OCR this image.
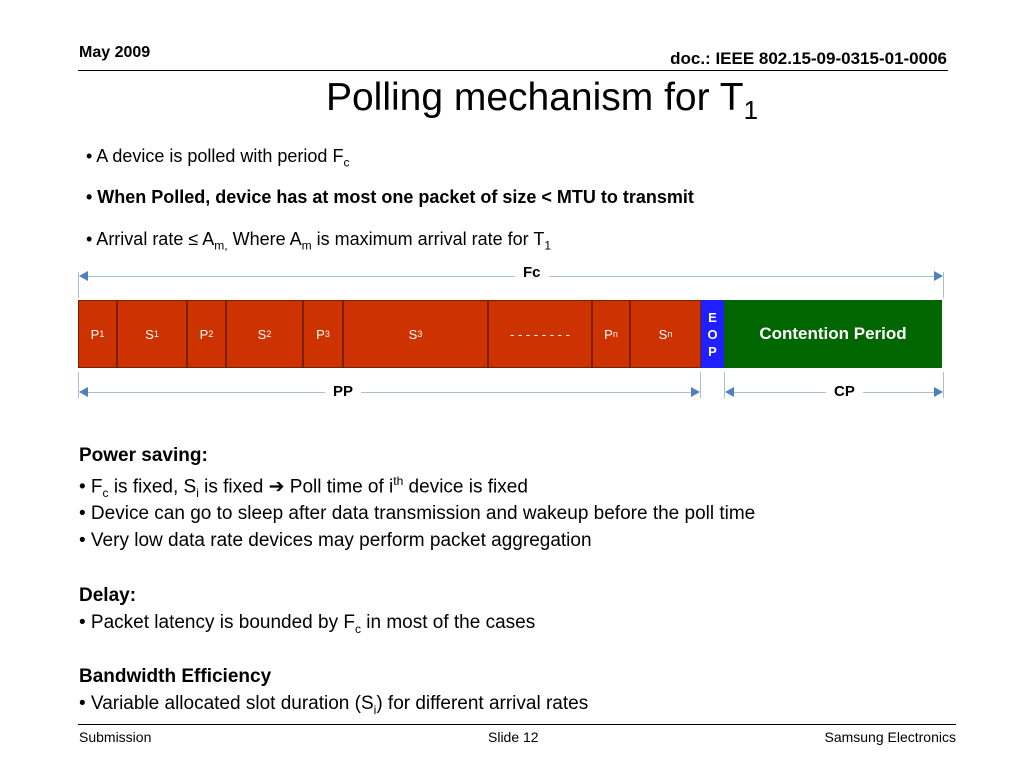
May 2009	doc.: IEEE 802.15-09-0315-01-0006
Polling mechanism for $T_1$
• A device is polled with period $F_c$
• When Polled, device has at most one packet of size < MTU to transmit
• Arrival rate ≤ $A_{m,}$ Where $A_m$ is maximum arrival rate for $T_1$
Fc
P 1	S 1	P 2	S 2	P 3	S 3	- - - - - - - -	P n	S n
E
O
P
Contention Period
PP	CP
Power saving:
• $F_c$ is fixed, $S_i$ is fixed ➔ Poll time of $i^{th}$ device is fixed
• Device can go to sleep after data transmission and wakeup before the poll time
• Very low data rate devices may perform packet aggregation
Delay:
• Packet latency is bounded by $F_c$ in most of the cases
Bandwidth Efficiency
• Variable allocated slot duration $(S_i)$ for different arrival rates
Submission	Slide 12	Samsung Electronics
